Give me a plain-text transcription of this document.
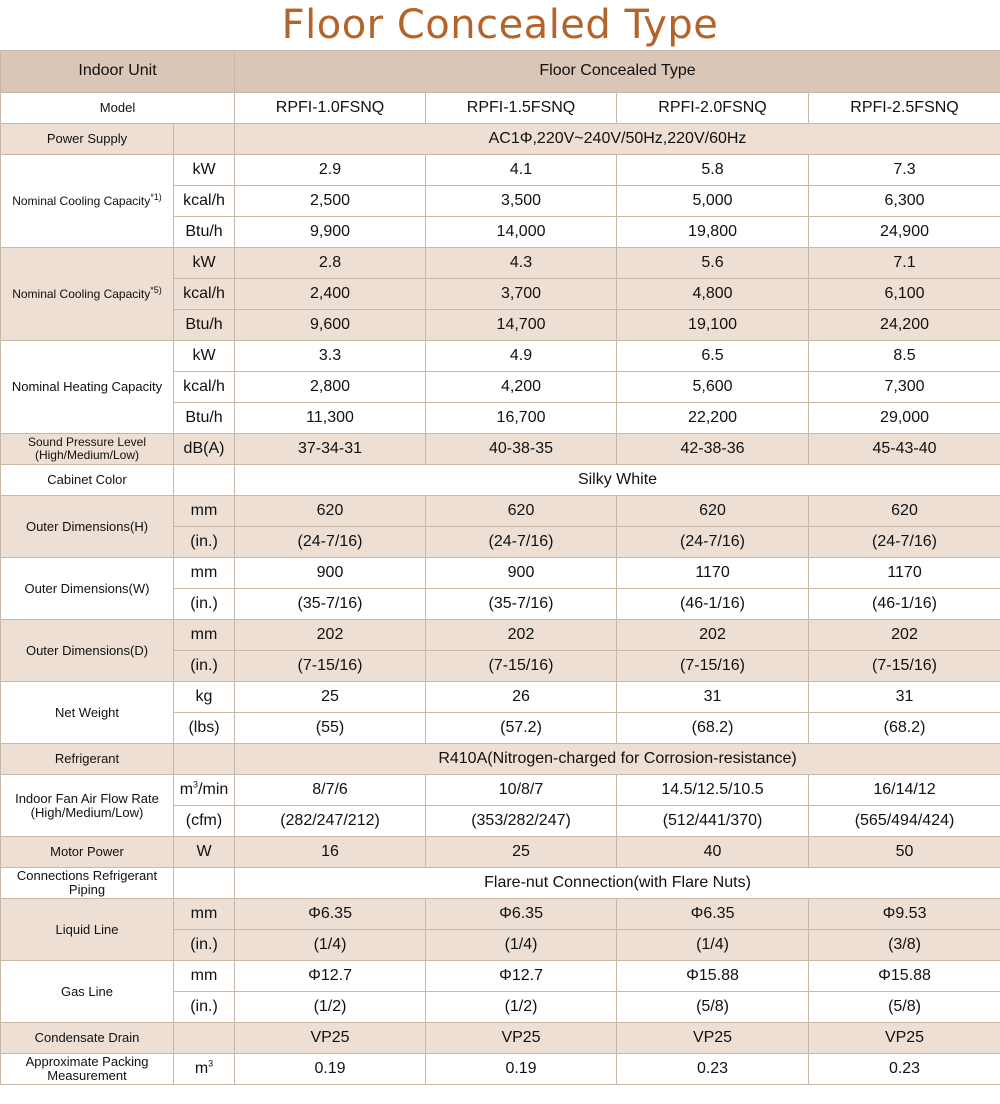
Floor Concealed Type
Indoor Unit		Floor Concealed Type			
Model		RPFI-1.0FSNQ	RPFI-1.5FSNQ	RPFI-2.0FSNQ	RPFI-2.5FSNQ
Power Supply		AC1Φ,220V~240V/50Hz,220V/60Hz			
Nominal Cooling Capacity$^{*1)}$	kW	2.9	4.1	5.8	7.3
	kcal/h	2,500	3,500	5,000	6,300
	Btu/h	9,900	14,000	19,800	24,900
Nominal Cooling Capacity$^{*5)}$	kW	2.8	4.3	5.6	7.1
	kcal/h	2,400	3,700	4,800	6,100
	Btu/h	9,600	14,700	19,100	24,200
Nominal Heating Capacity	kW	3.3	4.9	6.5	8.5
	kcal/h	2,800	4,200	5,600	7,300
	Btu/h	11,300	16,700	22,200	29,000

Sound Pressure Level
(High/Medium/Low)	dB(A)	37-34-31	40-38-35	42-38-36	45-43-40
Cabinet Color		Silky White			
Outer Dimensions(H)	mm	620	620	620	620
	(in.)	(24-7/16)	(24-7/16)	(24-7/16)	(24-7/16)
Outer Dimensions(W)	mm	900	900	1170	1170
	(in.)	(35-7/16)	(35-7/16)	(46-1/16)	(46-1/16)
Outer Dimensions(D)	mm	202	202	202	202
	(in.)	(7-15/16)	(7-15/16)	(7-15/16)	(7-15/16)
Net Weight	kg	25	26	31	31
	(lbs)	(55)	(57.2)	(68.2)	(68.2)
Refrigerant		R410A(Nitrogen-charged for Corrosion-resistance)			

Indoor Fan Air Flow Rate
(High/Medium/Low)	$m^3/\min$	8/7/6	10/8/7	14.5/12.5/10.5	16/14/12
	(cfm)	(282/247/212)	(353/282/247)	(512/441/370)	(565/494/424)
Motor Power	W	16	25	40	50

Connections Refrigerant
Piping		Flare-nut Connection(with Flare Nuts)			
Liquid Line	mm	Φ6.35	Φ6.35	Φ6.35	Φ9.53
	(in.)	(1/4)	(1/4)	(1/4)	(3/8)
Gas Line	mm	Φ12.7	Φ12.7	Φ15.88	Φ15.88
	(in.)	(1/2)	(1/2)	(5/8)	(5/8)
Condensate Drain		VP25	VP25	VP25	VP25

Approximate Packing
Measurement	$m^3$	0.19	0.19	0.23	0.23
